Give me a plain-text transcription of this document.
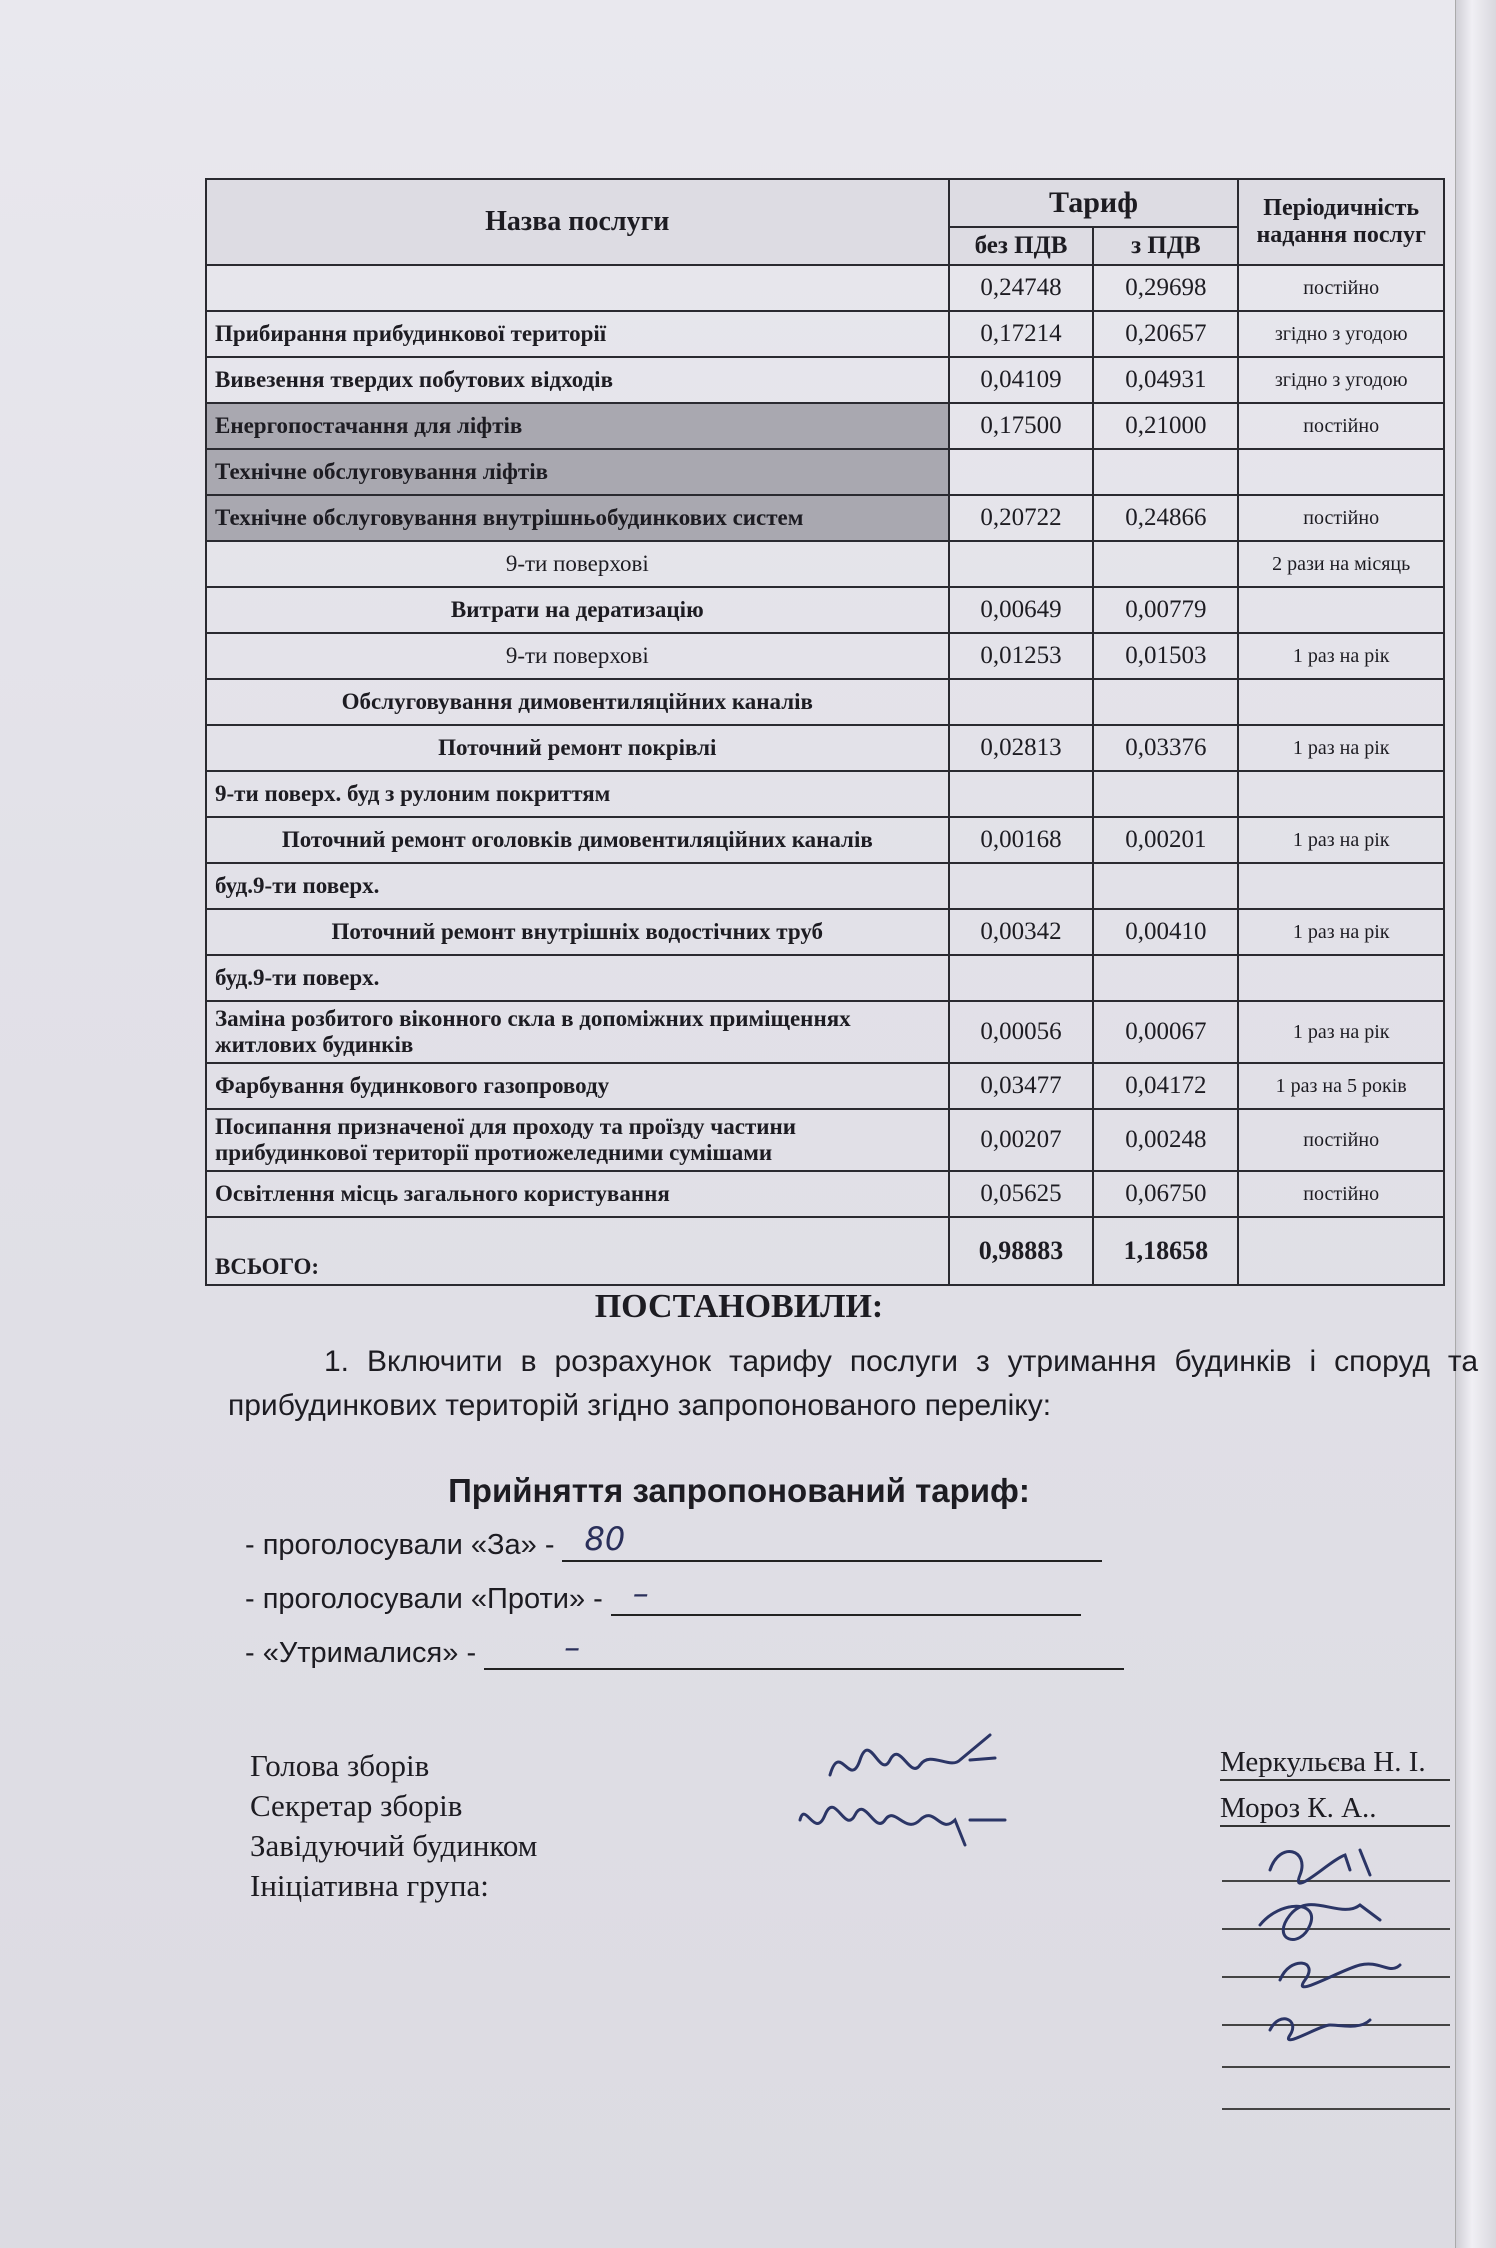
Назва послуги	Тариф		Періодичність надання послуг
	без ПДВ	з ПДВ	
	0,24748	0,29698	постійно
Прибирання прибудинкової території	0,17214	0,20657	згідно з угодою
Вивезення твердих побутових відходів	0,04109	0,04931	згідно з угодою
Енергопостачання для ліфтів	0,17500	0,21000	постійно
Технічне обслуговування ліфтів			
Технічне обслуговування внутрішньобудинкових систем	0,20722	0,24866	постійно
9-ти поверхові			2 рази на місяць
Витрати на дератизацію	0,00649	0,00779	
9-ти поверхові	0,01253	0,01503	1 раз на рік
Обслуговування димовентиляційних каналів			
Поточний ремонт покрівлі	0,02813	0,03376	1 раз на рік
9-ти поверх. буд з рулоним покриттям			
Поточний ремонт оголовків димовентиляційних каналів	0,00168	0,00201	1 раз на рік
буд.9-ти поверх.			
Поточний ремонт внутрішніх водостічних труб	0,00342	0,00410	1 раз на рік
буд.9-ти поверх.			
Заміна розбитого віконного скла в допоміжних приміщеннях житлових будинків	0,00056	0,00067	1 раз на рік
Фарбування будинкового газопроводу	0,03477	0,04172	1 раз на 5 років
Посипання призначеної для проходу та проїзду частини прибудинкової території протиожеледними сумішами	0,00207	0,00248	постійно
Освітлення місць загального користування	0,05625	0,06750	постійно
ВСЬОГО:	0,98883	1,18658	
ПОСТАНОВИЛИ:
1. Включити в розрахунок тарифу послуги з утримання будинків і споруд та прибудинкових територій згідно запропонованого переліку:
Прийняття запропонований тариф:
- проголосували «За» - 80
- проголосували «Проти» - –
- «Утрималися» -	–
Голова зборів
Секретар зборів
Завідуючий будинком
Ініціативна група:
Меркульєва Н. І.
Мороз К. А..
